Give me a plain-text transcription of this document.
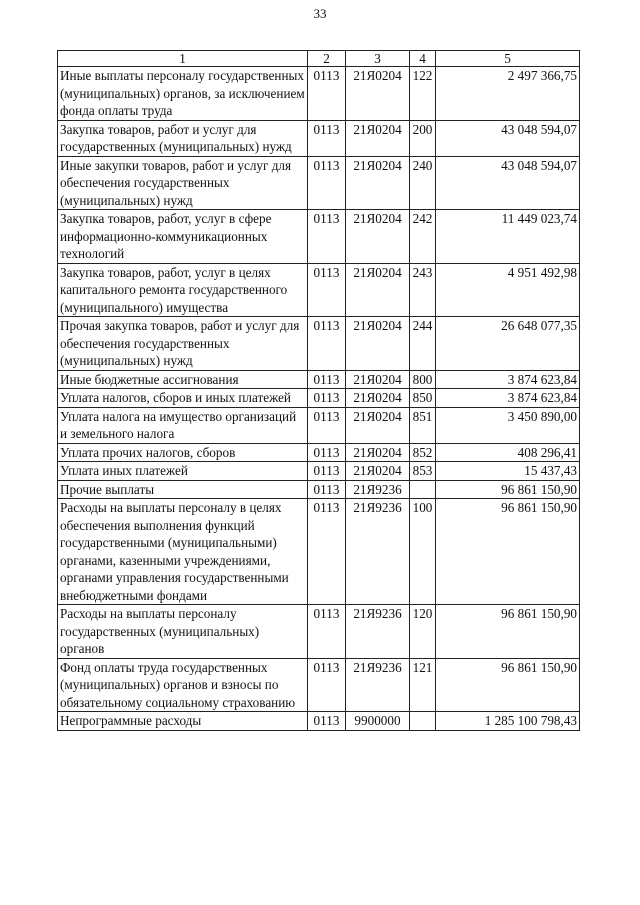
33
1	2	3	4	5
Иные выплаты персоналу государственных (муниципальных) органов, за исключением фонда оплаты труда	0113	21Я0204	122	2 497 366,75
Закупка товаров, работ и услуг для государственных (муниципальных) нужд	0113	21Я0204	200	43 048 594,07
Иные закупки товаров, работ и услуг для обеспечения государственных (муниципальных) нужд	0113	21Я0204	240	43 048 594,07
Закупка товаров, работ, услуг в сфере информационно-коммуникационных технологий	0113	21Я0204	242	11 449 023,74
Закупка товаров, работ, услуг в целях капитального ремонта государственного (муниципального) имущества	0113	21Я0204	243	4 951 492,98
Прочая закупка товаров, работ и услуг для обеспечения государственных (муниципальных) нужд	0113	21Я0204	244	26 648 077,35
Иные бюджетные ассигнования	0113	21Я0204	800	3 874 623,84
Уплата налогов, сборов и иных платежей	0113	21Я0204	850	3 874 623,84
Уплата налога на имущество организаций и земельного налога	0113	21Я0204	851	3 450 890,00
Уплата прочих налогов, сборов	0113	21Я0204	852	408 296,41
Уплата иных платежей	0113	21Я0204	853	15 437,43
Прочие выплаты	0113	21Я9236		96 861 150,90
Расходы на выплаты персоналу в целях обеспечения выполнения функций государственными (муниципальными) органами, казенными учреждениями, органами управления государственными внебюджетными фондами	0113	21Я9236	100	96 861 150,90
Расходы на выплаты персоналу государственных (муниципальных) органов	0113	21Я9236	120	96 861 150,90
Фонд оплаты труда государственных (муниципальных) органов и взносы по обязательному социальному страхованию	0113	21Я9236	121	96 861 150,90
Непрограммные расходы	0113	9900000		1 285 100 798,43
